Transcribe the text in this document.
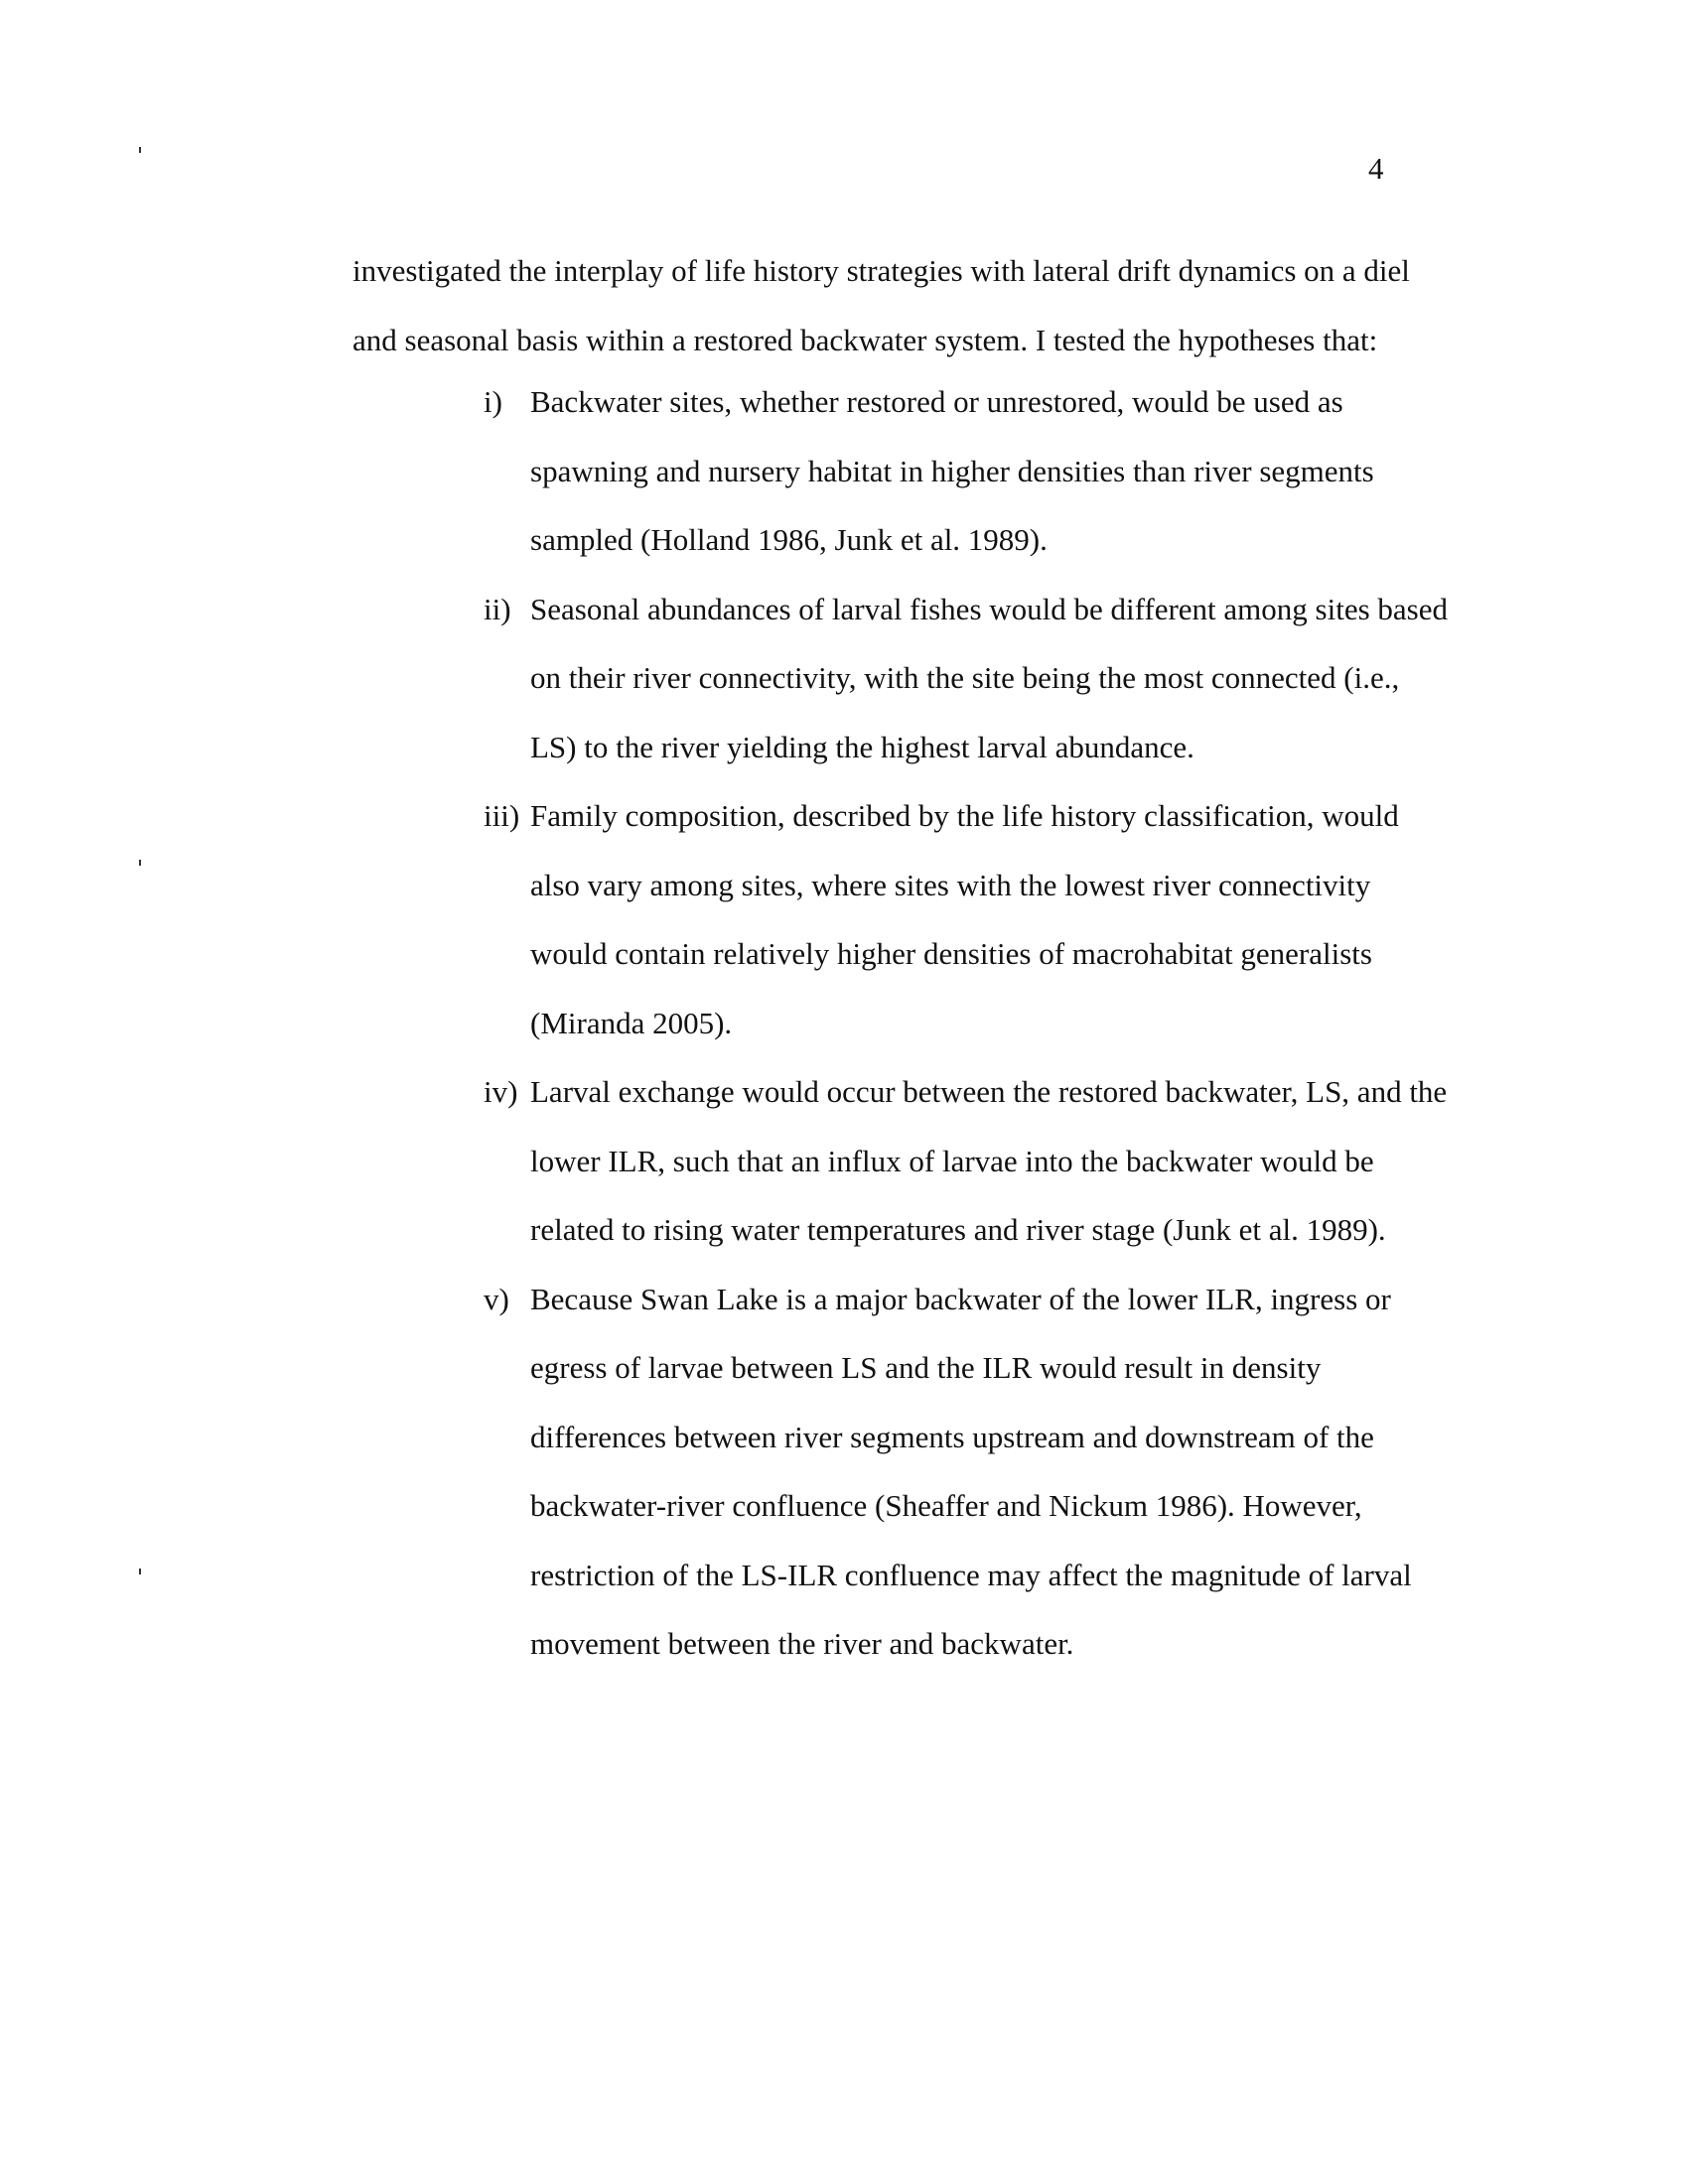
4
investigated the interplay of life history strategies with lateral drift dynamics on a diel
and seasonal basis within a restored backwater system. I tested the hypotheses that:
i) Backwater sites, whether restored or unrestored, would be used as
spawning and nursery habitat in higher densities than river segments
sampled (Holland 1986, Junk et al. 1989).
ii) Seasonal abundances of larval fishes would be different among sites based
on their river connectivity, with the site being the most connected (i.e.,
LS) to the river yielding the highest larval abundance.
iii) Family composition, described by the life history classification, would
also vary among sites, where sites with the lowest river connectivity
would contain relatively higher densities of macrohabitat generalists
(Miranda 2005).
iv) Larval exchange would occur between the restored backwater, LS, and the
lower ILR, such that an influx of larvae into the backwater would be
related to rising water temperatures and river stage (Junk et al. 1989).
v) Because Swan Lake is a major backwater of the lower ILR, ingress or
egress of larvae between LS and the ILR would result in density
differences between river segments upstream and downstream of the
backwater-river confluence (Sheaffer and Nickum 1986). However,
restriction of the LS-ILR confluence may affect the magnitude of larval
movement between the river and backwater.
